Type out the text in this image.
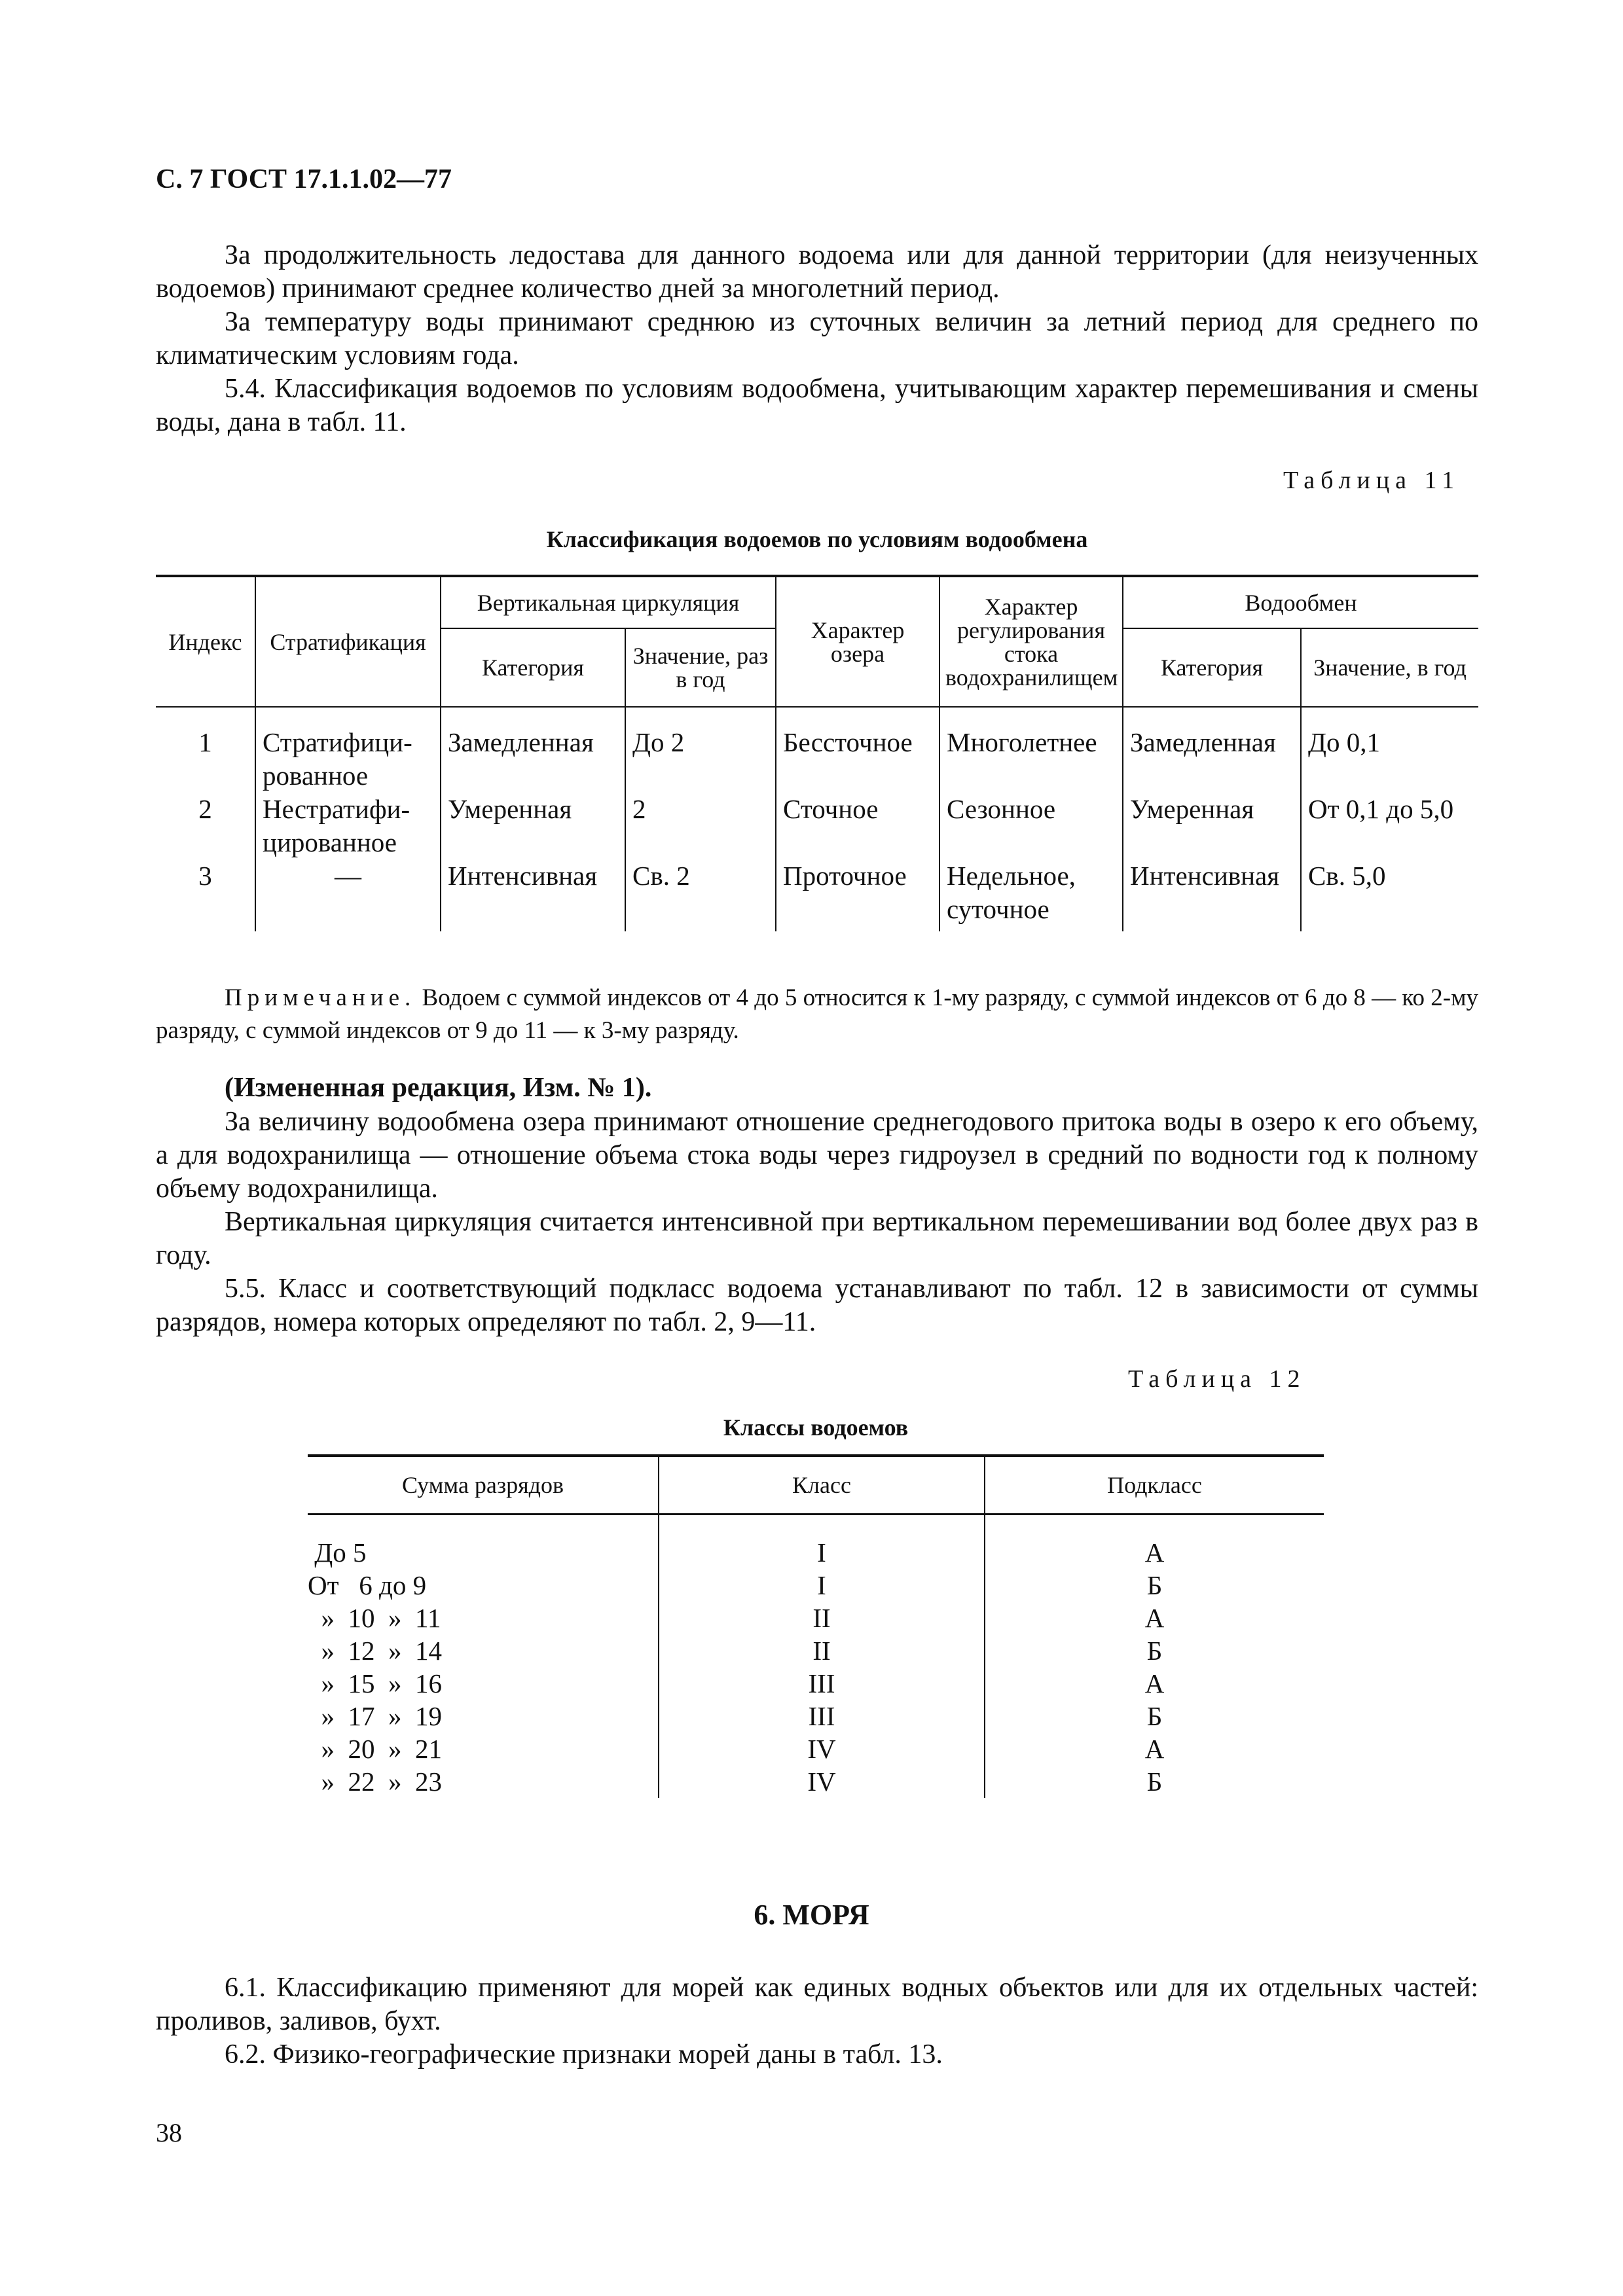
С. 7 ГОСТ 17.1.1.02—77
За продолжительность ледостава для данного водоема или для данной территории (для неизученных водоемов) принимают среднее количество дней за многолетний период.
За температуру воды принимают среднюю из суточных величин за летний период для среднего по климатическим условиям года.
5.4. Классификация водоемов по условиям водообмена, учитывающим характер перемешивания и смены воды, дана в табл. 11.
Таблица 11
Классификация водоемов по условиям водообмена
Индекс	Стратификация	Вертикальная циркуляция		Характер озера	Характер регулирования стока водохранилищем	Водообмен	
		Категория	Значение, раз в год			Категория	Значение, в год
1	Стратифици-рованное	Замедленная	До 2	Бессточное	Многолетнее	Замедленная	До 0,1
2	Нестратифи-цированное	Умеренная	2	Сточное	Сезонное	Умеренная	От 0,1 до 5,0
3	—	Интенсивная	Св. 2	Проточное	Недельное, суточное	Интенсивная	Св. 5,0
Примечание. Водоем с суммой индексов от 4 до 5 относится к 1-му разряду, с суммой индексов от 6 до 8 — ко 2-му разряду, с суммой индексов от 9 до 11 — к 3-му разряду.
(Измененная редакция, Изм. № 1).
За величину водообмена озера принимают отношение среднегодового притока воды в озеро к его объему, а для водохранилища — отношение объема стока воды через гидроузел в средний по водности год к полному объему водохранилища.
Вертикальная циркуляция считается интенсивной при вертикальном перемешивании вод более двух раз в году.
5.5. Класс и соответствующий подкласс водоема устанавливают по табл. 12 в зависимости от суммы разрядов, номера которых определяют по табл. 2, 9—11.
Таблица 12
Классы водоемов
Сумма разрядов	Класс	Подкласс
До 5	I	А
От   6 до 9	I	Б
»  10  »  11	II	А
»  12  »  14	II	Б
»  15  »  16	III	А
»  17  »  19	III	Б
»  20  »  21	IV	А
»  22  »  23	IV	Б
6. МОРЯ
6.1. Классификацию применяют для морей как единых водных объектов или для их отдельных частей: проливов, заливов, бухт.
6.2. Физико-географические признаки морей даны в табл. 13.
38
